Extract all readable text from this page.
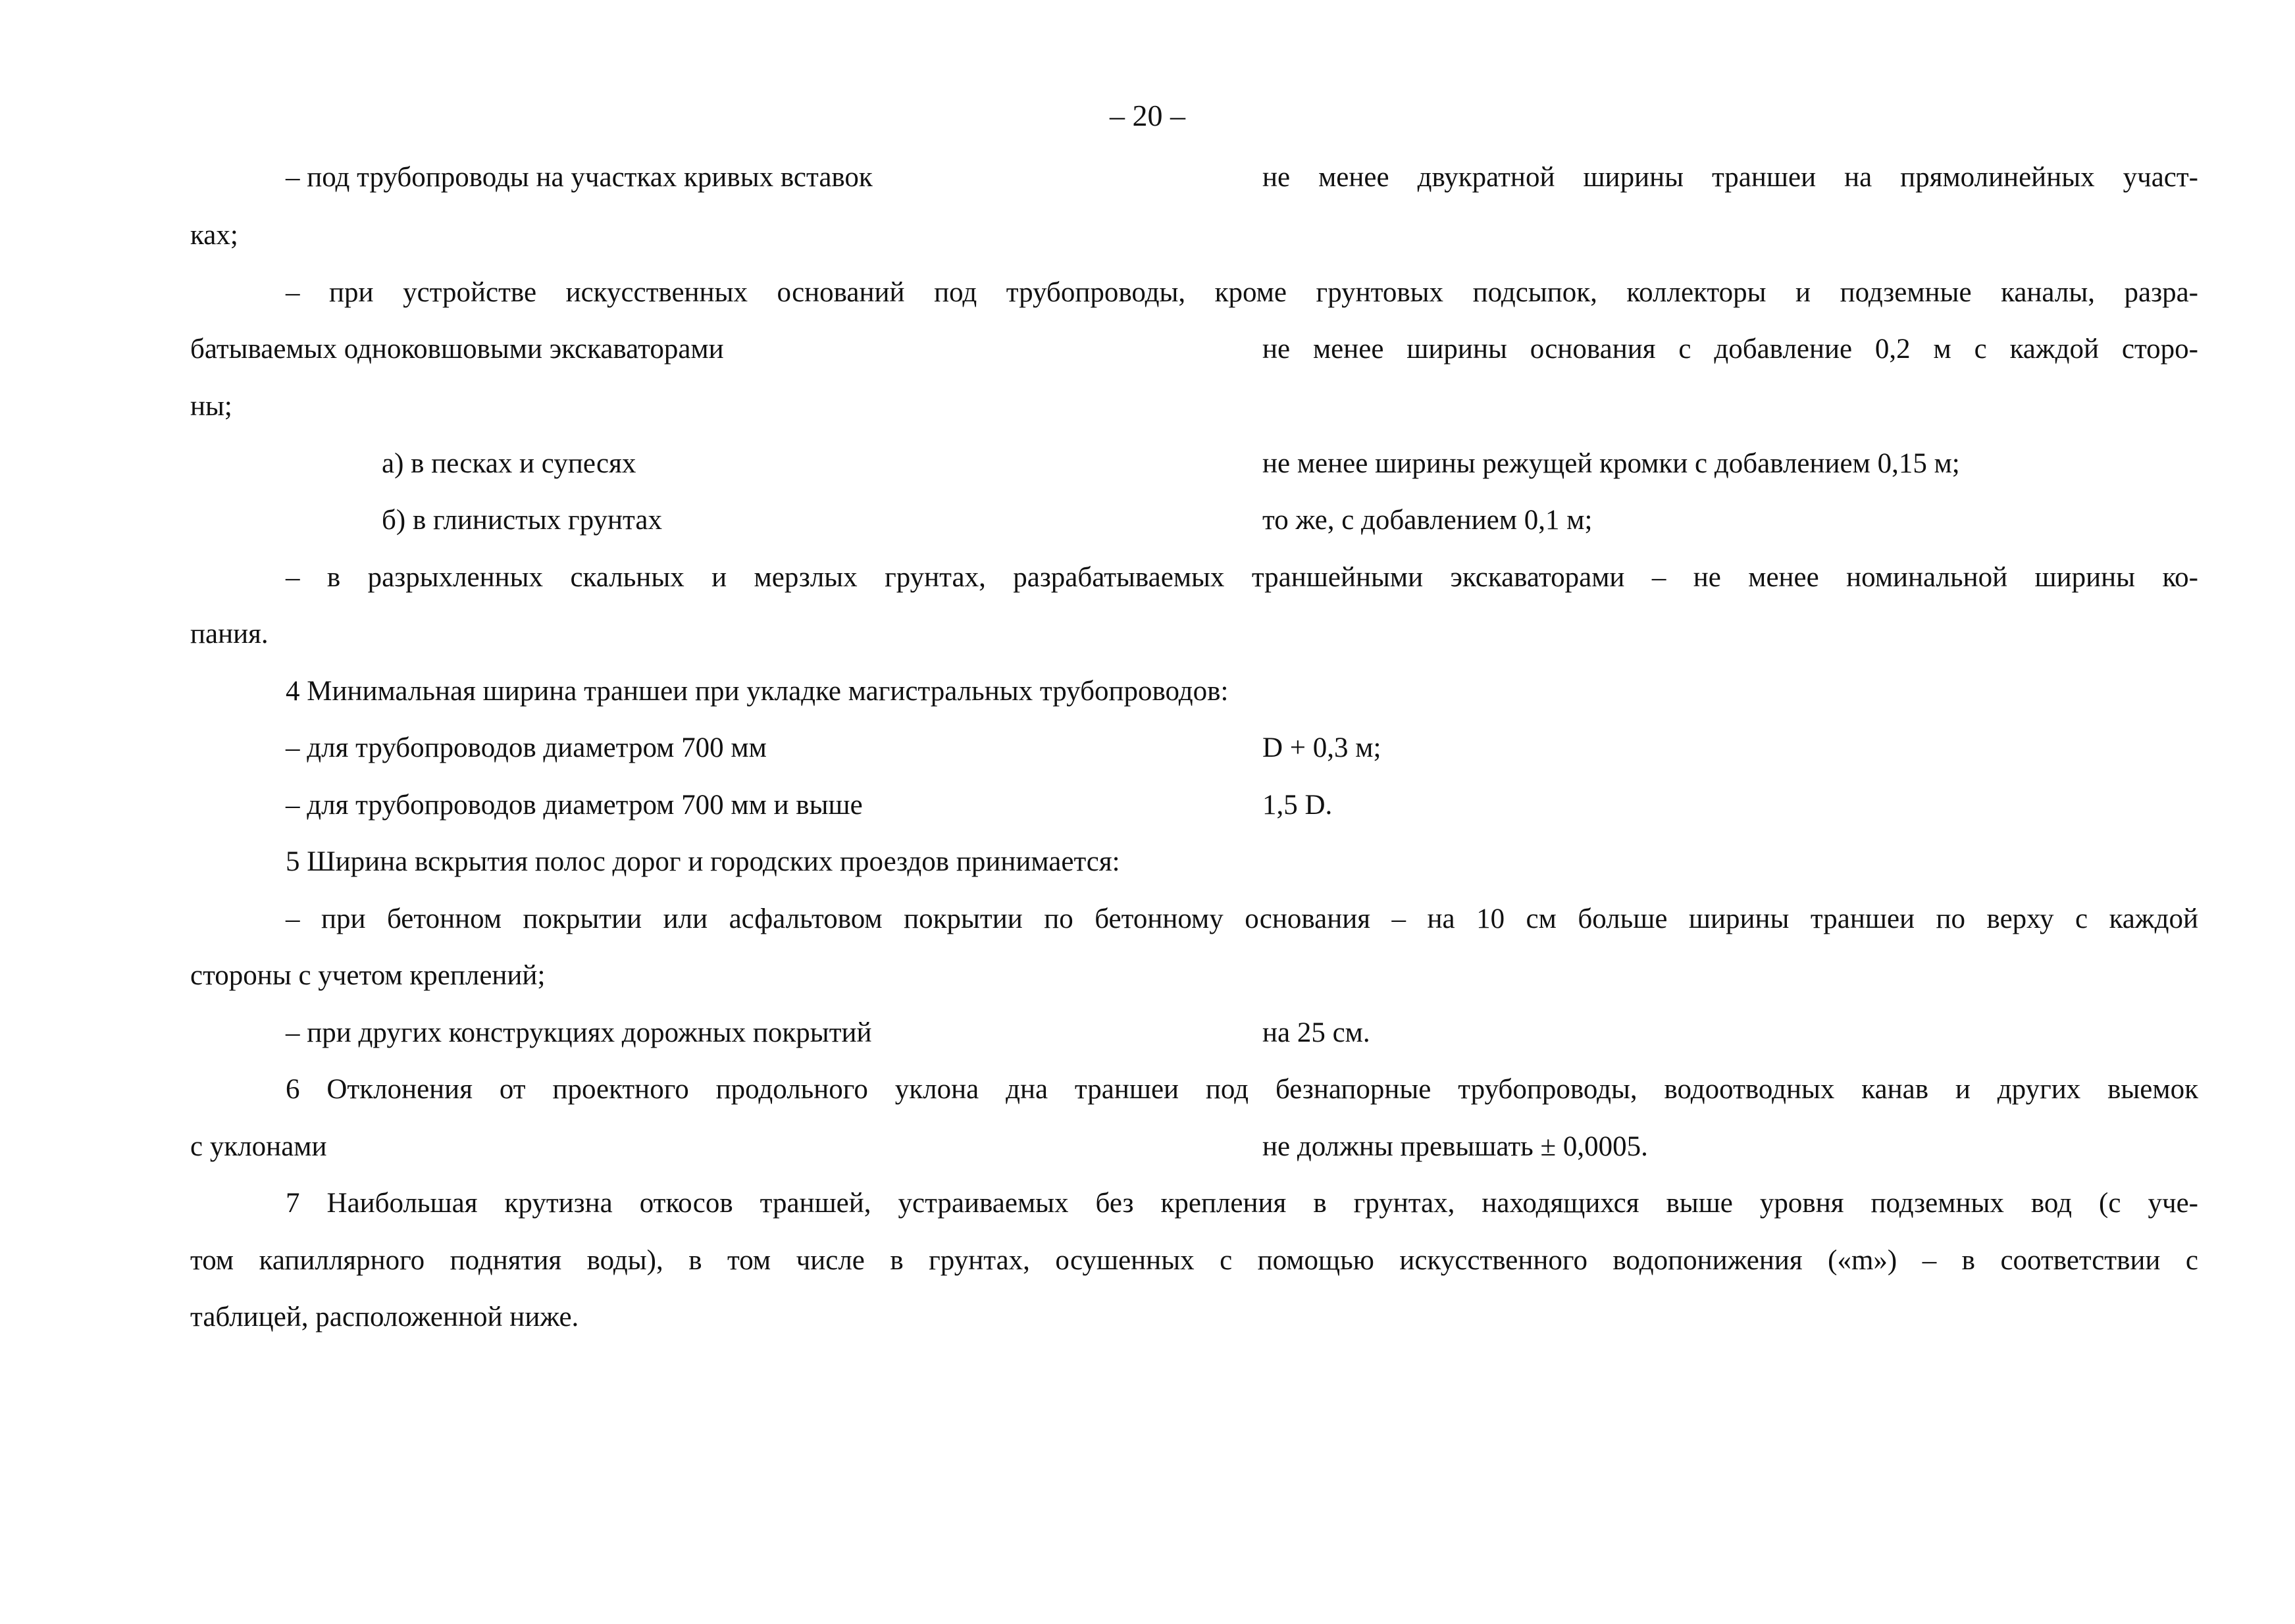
– 20 –

– под трубопроводы на участках кривых вставок	не менее двукратной ширины траншеи на прямолинейных участ-

ках;

– при устройстве искусственных оснований под трубопроводы, кроме грунтовых подсыпок, коллекторы и подземные каналы, разра-

батываемых одноковшовыми экскаваторами	не менее ширины основания с добавление 0,2 м с каждой сторо-

ны;

а) в песках и супесях	не менее ширины режущей кромки с добавлением 0,15 м;

б) в глинистых грунтах	то же, с добавлением 0,1 м;

– в разрыхленных скальных и мерзлых грунтах, разрабатываемых траншейными экскаваторами – не менее номинальной ширины ко-

пания.

4 Минимальная ширина траншеи при укладке магистральных трубопроводов:

– для трубопроводов диаметром 700 мм	D + 0,3 м;

– для трубопроводов диаметром 700 мм и выше	1,5 D.

5 Ширина вскрытия полос дорог и городских проездов принимается:

– при бетонном покрытии или асфальтовом покрытии по бетонному основания – на 10 см больше ширины траншеи по верху с каждой

стороны с учетом креплений;

– при других конструкциях дорожных покрытий	на 25 см.

6 Отклонения от проектного продольного уклона дна траншеи под безнапорные трубопроводы, водоотводных канав и других выемок

с уклонами	не должны превышать ± 0,0005.

7 Наибольшая крутизна откосов траншей, устраиваемых без крепления в грунтах, находящихся выше уровня подземных вод (с уче-

том капиллярного поднятия воды), в том числе в грунтах, осушенных с помощью искусственного водопонижения («m») – в соответствии с

таблицей, расположенной ниже.
